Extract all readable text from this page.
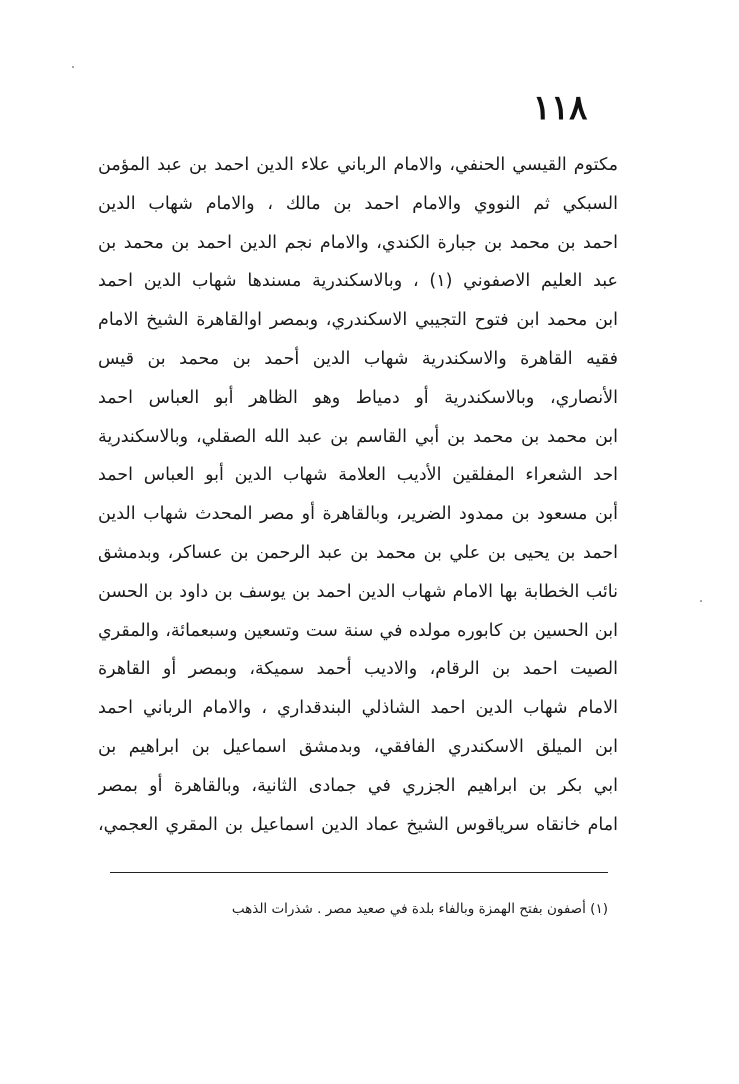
١١٨
مكتوم القيسي الحنفي، والامام الرباني علاء الدين احمد بن عبد المؤمن
السبكي ثم النووي والامام احمد بن مالك ، والامام شهاب الدين
احمد بن محمد بن جبارة الكندي، والامام نجم الدين احمد بن محمد بن
عبد العليم الاصفوني (١) ، وبالاسكندرية مسندها شهاب الدين احمد
ابن محمد ابن فتوح التجيبي الاسكندري، وبمصر اوالقاهرة الشيخ الامام
فقيه القاهرة والاسكندرية شهاب الدين أحمد بن محمد بن قيس
الأنصاري، وبالاسكندرية أو دمياط وهو الظاهر أبو العباس احمد
ابن محمد بن محمد بن أبي القاسم بن عبد الله الصقلي، وبالاسكندرية
احد الشعراء المفلقين الأديب العلامة شهاب الدين أبو العباس احمد
أبن مسعود بن ممدود الضرير، وبالقاهرة أو مصر المحدث شهاب الدين
احمد بن يحيى بن علي بن محمد بن عبد الرحمن بن عساكر، وبدمشق
نائب الخطابة بها الامام شهاب الدين احمد بن يوسف بن داود بن الحسن
ابن الحسين بن كابوره مولده في سنة ست وتسعين وسبعمائة، والمقري
الصيت احمد بن الرقام، والاديب أحمد سميكة، وبمصر أو القاهرة
الامام شهاب الدين احمد الشاذلي البندقداري ، والامام الرباني احمد
ابن الميلق الاسكندري الفافقي، وبدمشق اسماعيل بن ابراهيم بن
ابي بكر بن ابراهيم الجزري في جمادى الثانية، وبالقاهرة أو بمصر
امام خانقاه سرياقوس الشيخ عماد الدين اسماعيل بن المقري العجمي،
(١) أصفون بفتح الهمزة وبالفاء بلدة في صعيد مصر . شذرات الذهب
